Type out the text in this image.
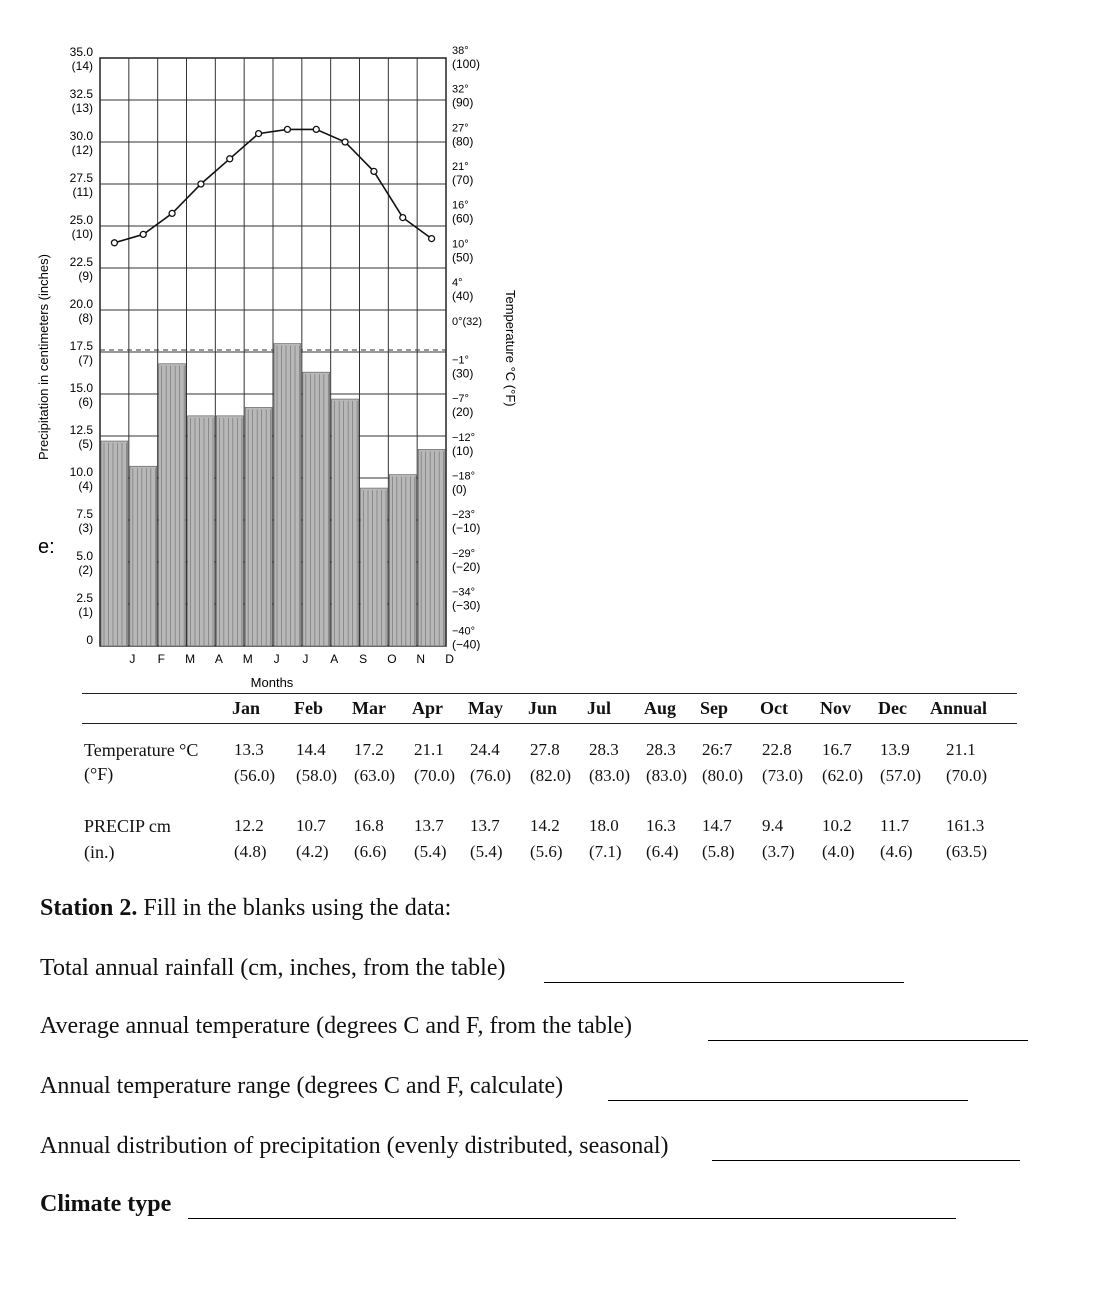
35.0
(14)
32.5
(13)
30.0
(12)
27.5
(11)
25.0
(10)
22.5
(9)
20.0
(8)
17.5
(7)
15.0
(6)
12.5
(5)
10.0
(4)
7.5
(3)
5.0
(2)
2.5
(1)
0
38°
(100)
32°
(90)
27°
(80)
21°
(70)
16°
(60)
10°
(50)
4°
(40)
0°(32)
−1°
(30)
−7°
(20)
−12°
(10)
−18°
(0)
−23°
(−10)
−29°
(−20)
−34°
(−30)
−40°
(−40)
J F M A M J J A S O N D
Precipitation in centimeters (inches)	Temperature °C (°F)
Months
e:
Jan Feb Mar Apr May Jun Jul Aug Sep Oct Nov Dec Annual
Temperature °C
(°F)
PRECIP cm
(in.)
13.3 14.4 17.2 21.1 24.4 27.8 28.3 28.3 26:7 22.8 16.7 13.9 21.1
(56.0) (58.0) (63.0) (70.0) (76.0) (82.0) (83.0) (83.0) (80.0) (73.0) (62.0) (57.0) (70.0)
12.2 10.7 16.8 13.7 13.7 14.2 18.0 16.3 14.7 9.4 10.2 11.7 161.3
(4.8) (4.2) (6.6) (5.4) (5.4) (5.6) (7.1) (6.4) (5.8) (3.7) (4.0) (4.6) (63.5)
Station 2. Fill in the blanks using the data:
Total annual rainfall (cm, inches, from the table)
Average annual temperature (degrees C and F, from the table)
Annual temperature range (degrees C and F, calculate)
Annual distribution of precipitation (evenly distributed, seasonal)
Climate type
